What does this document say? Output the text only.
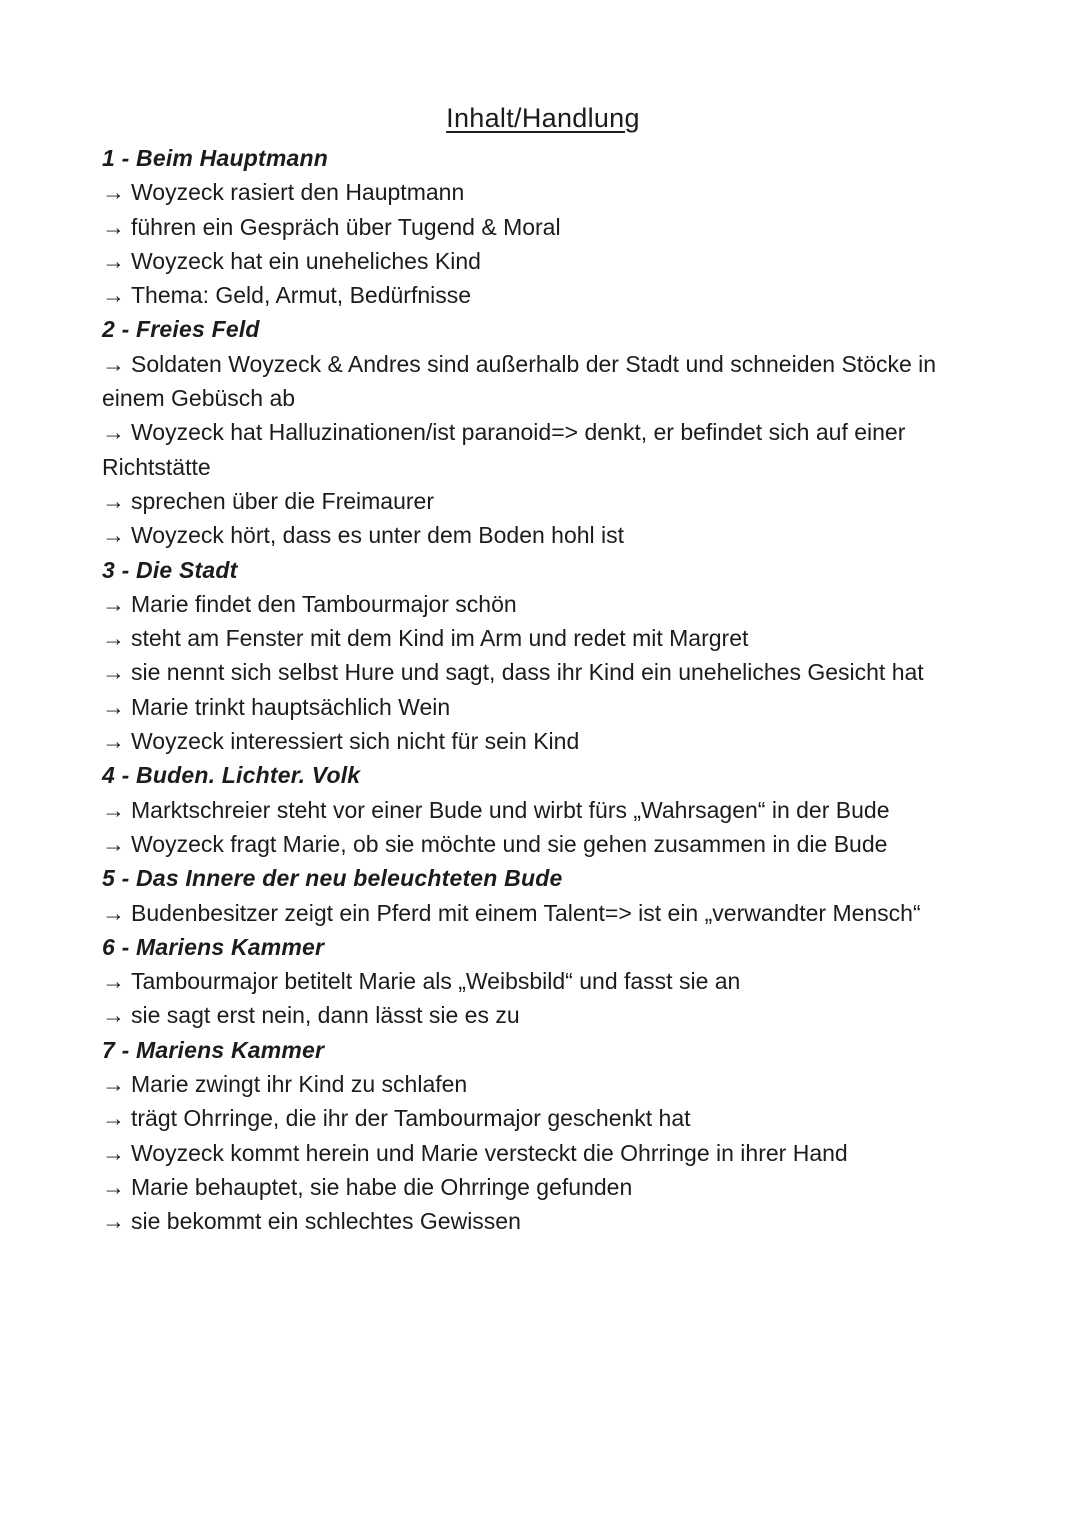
Inhalt/Handlung

1 - Beim Hauptmann

→ Woyzeck rasiert den Hauptmann

→ führen ein Gespräch über Tugend & Moral

→ Woyzeck hat ein uneheliches Kind

→ Thema: Geld, Armut, Bedürfnisse

2 - Freies Feld

→ Soldaten Woyzeck & Andres sind außerhalb der Stadt und schneiden Stöcke in einem Gebüsch ab

→ Woyzeck hat Halluzinationen/ist paranoid=> denkt, er befindet sich auf einer Richtstätte

→ sprechen über die Freimaurer

→ Woyzeck hört, dass es unter dem Boden hohl ist

3 - Die Stadt

→ Marie findet den Tambourmajor schön

→ steht am Fenster mit dem Kind im Arm und redet mit Margret

→ sie nennt sich selbst Hure und sagt, dass ihr Kind ein uneheliches Gesicht hat

→ Marie trinkt hauptsächlich Wein

→ Woyzeck interessiert sich nicht für sein Kind

4 - Buden. Lichter. Volk

→ Marktschreier steht vor einer Bude und wirbt fürs „Wahrsagen“ in der Bude

→ Woyzeck fragt Marie, ob sie möchte und sie gehen zusammen in die Bude

5 - Das Innere der neu beleuchteten Bude

→ Budenbesitzer zeigt ein Pferd mit einem Talent=> ist ein „verwandter Mensch“

6 - Mariens Kammer

→ Tambourmajor betitelt Marie als „Weibsbild“ und fasst sie an

→ sie sagt erst nein, dann lässt sie es zu

7 - Mariens Kammer

→ Marie zwingt ihr Kind zu schlafen

→ trägt Ohrringe, die ihr der Tambourmajor geschenkt hat

→ Woyzeck kommt herein und Marie versteckt die Ohrringe in ihrer Hand

→ Marie behauptet, sie habe die Ohrringe gefunden

→ sie bekommt ein schlechtes Gewissen
